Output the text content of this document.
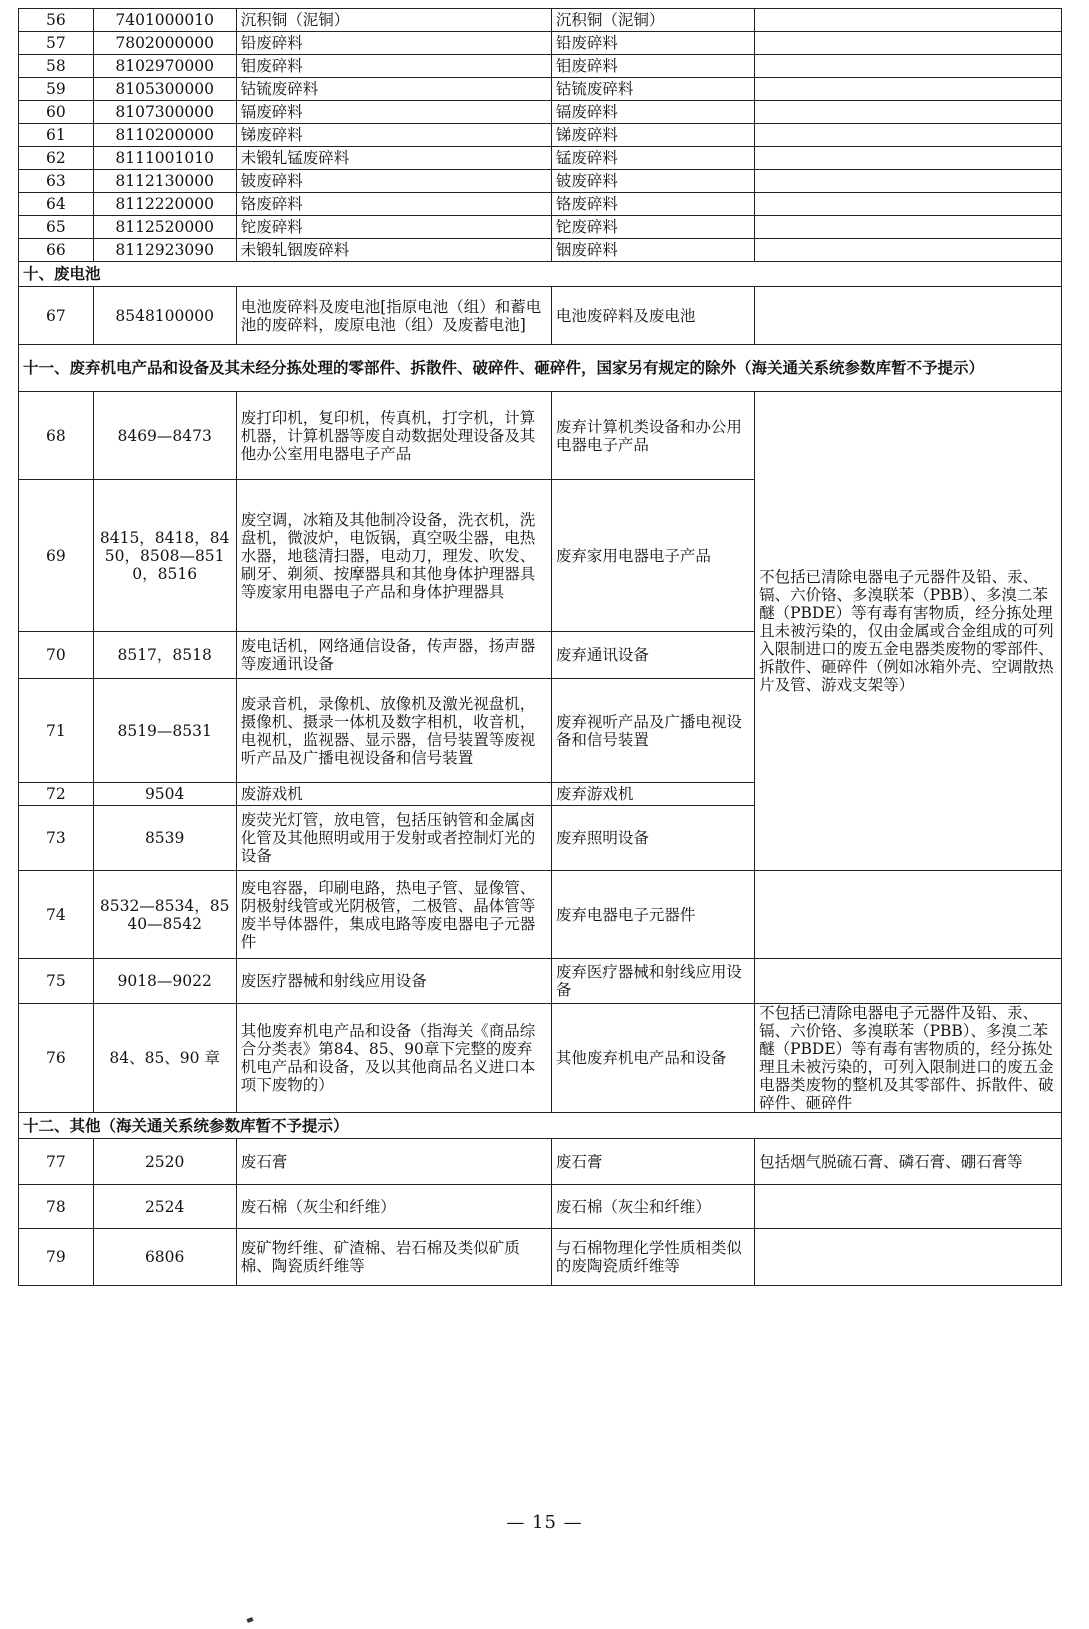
56	7401000010	沉积铜（泥铜）	沉积铜（泥铜）	
57	7802000000	铅废碎料	铅废碎料	
58	8102970000	钼废碎料	钼废碎料	
59	8105300000	钴锍废碎料	钴锍废碎料	
60	8107300000	镉废碎料	镉废碎料	
61	8110200000	锑废碎料	锑废碎料	
62	8111001010	未锻轧锰废碎料	锰废碎料	
63	8112130000	铍废碎料	铍废碎料	
64	8112220000	铬废碎料	铬废碎料	
65	8112520000	铊废碎料	铊废碎料	
66	8112923090	未锻轧铟废碎料	铟废碎料	
十、废电池				
67	8548100000	电池废碎料及废电池[指原电池（组）和蓄电池的废碎料，废原电池（组）及废蓄电池]	电池废碎料及废电池	
十一、废弃机电产品和设备及其未经分拣处理的零部件、拆散件、破碎件、砸碎件，国家另有规定的除外（海关通关系统参数库暂不予提示）				
68	8469—8473	废打印机，复印机，传真机，打字机，计算机器，计算机器等废自动数据处理设备及其他办公室用电器电子产品	废弃计算机类设备和办公用电器电子产品	不包括已清除电器电子元器件及铅、汞、镉、六价铬、多溴联苯（PBB）、多溴二苯醚（PBDE）等有毒有害物质，经分拣处理且未被污染的，仅由金属或合金组成的可列入限制进口的废五金电器类废物的零部件、拆散件、砸碎件（例如冰箱外壳、空调散热片及管、游戏支架等）
69	8415，8418，8450，8508—8510，8516	废空调，冰箱及其他制冷设备，洗衣机，洗盘机，微波炉，电饭锅，真空吸尘器，电热水器，地毯清扫器，电动刀，理发、吹发、刷牙、剃须、按摩器具和其他身体护理器具等废家用电器电子产品和身体护理器具	废弃家用电器电子产品	
70	8517，8518	废电话机，网络通信设备，传声器，扬声器等废通讯设备	废弃通讯设备	
71	8519—8531	废录音机，录像机、放像机及激光视盘机，摄像机、摄录一体机及数字相机，收音机，电视机，监视器、显示器，信号装置等废视听产品及广播电视设备和信号装置	废弃视听产品及广播电视设备和信号装置	
72	9504	废游戏机	废弃游戏机	
73	8539	废荧光灯管，放电管，包括压钠管和金属卤化管及其他照明或用于发射或者控制灯光的设备	废弃照明设备	
74	8532—8534，8540—8542	废电容器，印刷电路，热电子管、显像管、阴极射线管或光阴极管，二极管、晶体管等废半导体器件，集成电路等废电器电子元器件	废弃电器电子元器件	
75	9018—9022	废医疗器械和射线应用设备	废弃医疗器械和射线应用设备	
76	84、85、90 章	其他废弃机电产品和设备（指海关《商品综合分类表》第84、85、90章下完整的废弃机电产品和设备，及以其他商品名义进口本项下废物的）	其他废弃机电产品和设备	不包括已清除电器电子元器件及铅、汞、镉、六价铬、多溴联苯（PBB）、多溴二苯醚（PBDE）等有毒有害物质的，经分拣处理且未被污染的，可列入限制进口的废五金电器类废物的整机及其零部件、拆散件、破碎件、砸碎件
十二、其他（海关通关系统参数库暂不予提示）				
77	2520	废石膏	废石膏	包括烟气脱硫石膏、磷石膏、硼石膏等
78	2524	废石棉（灰尘和纤维）	废石棉（灰尘和纤维）	
79	6806	废矿物纤维、矿渣棉、岩石棉及类似矿质棉、陶瓷质纤维等	与石棉物理化学性质相类似的废陶瓷质纤维等	
— 15 —
